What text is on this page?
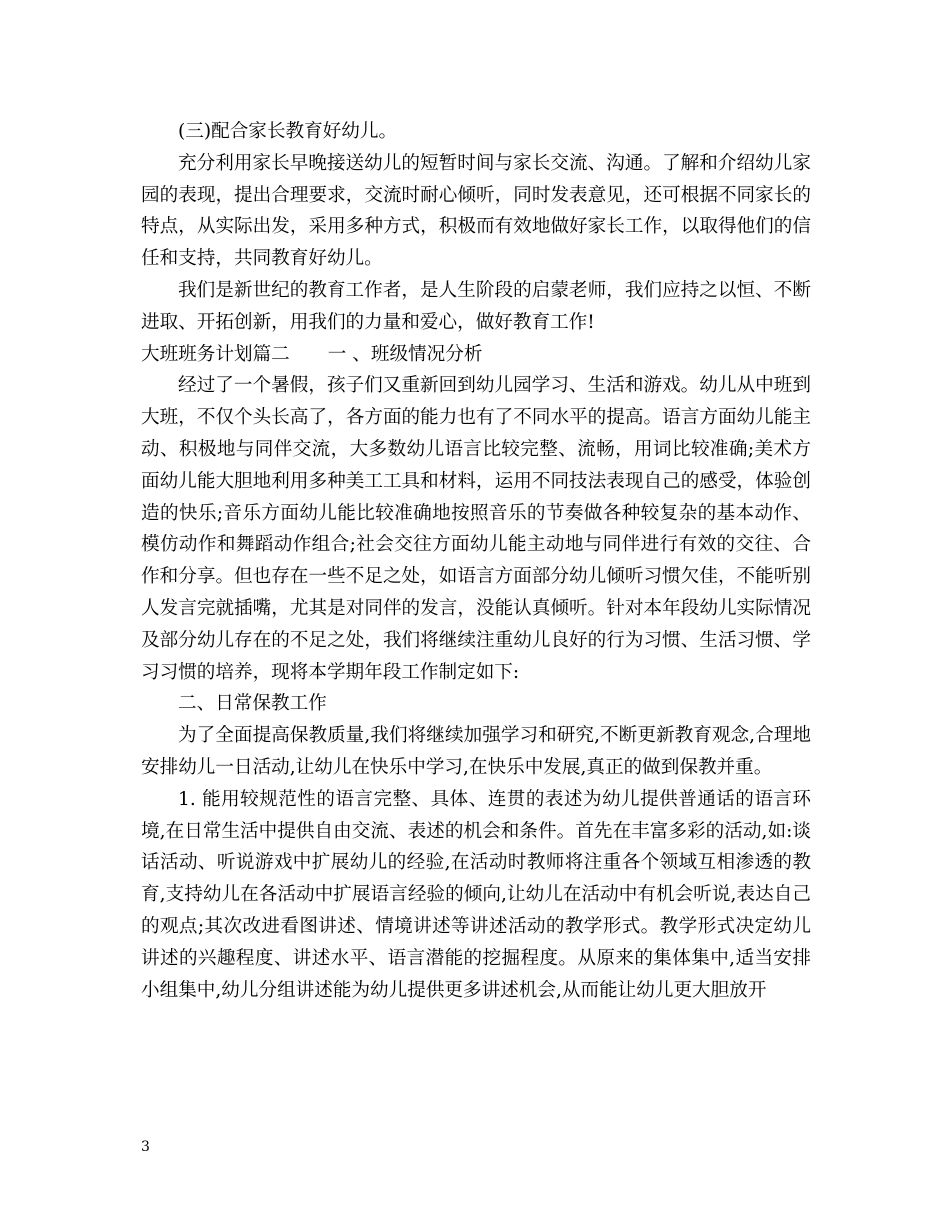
(三)配合家长教育好幼儿。

充分利用家长早晚接送幼儿的短暂时间与家长交流、沟通。了解和介绍幼儿家园的表现，提出合理要求，交流时耐心倾听，同时发表意见，还可根据不同家长的特点，从实际出发，采用多种方式，积极而有效地做好家长工作，以取得他们的信任和支持，共同教育好幼儿。

我们是新世纪的教育工作者，是人生阶段的启蒙老师，我们应持之以恒、不断进取、开拓创新，用我们的力量和爱心，做好教育工作!

大班班务计划篇二 一 、班级情况分析

经过了一个暑假，孩子们又重新回到幼儿园学习、生活和游戏。幼儿从中班到大班，不仅个头长高了，各方面的能力也有了不同水平的提高。语言方面幼儿能主动、积极地与同伴交流，大多数幼儿语言比较完整、流畅，用词比较准确;美术方面幼儿能大胆地利用多种美工工具和材料，运用不同技法表现自己的感受，体验创造的快乐;音乐方面幼儿能比较准确地按照音乐的节奏做各种较复杂的基本动作、模仿动作和舞蹈动作组合;社会交往方面幼儿能主动地与同伴进行有效的交往、合作和分享。但也存在一些不足之处，如语言方面部分幼儿倾听习惯欠佳，不能听别人发言完就插嘴，尤其是对同伴的发言，没能认真倾听。针对本年段幼儿实际情况及部分幼儿存在的不足之处，我们将继续注重幼儿良好的行为习惯、生活习惯、学习习惯的培养，现将本学期年段工作制定如下:

二、日常保教工作

为了全面提高保教质量,我们将继续加强学习和研究,不断更新教育观念,合理地安排幼儿一日活动,让幼儿在快乐中学习,在快乐中发展,真正的做到保教并重。

1. 能用较规范性的语言完整、具体、连贯的表述为幼儿提供普通话的语言环境,在日常生活中提供自由交流、表述的机会和条件。首先在丰富多彩的活动,如:谈话活动、听说游戏中扩展幼儿的经验,在活动时教师将注重各个领域互相渗透的教育,支持幼儿在各活动中扩展语言经验的倾向,让幼儿在活动中有机会听说,表达自己的观点;其次改进看图讲述、情境讲述等讲述活动的教学形式。教学形式决定幼儿讲述的兴趣程度、讲述水平、语言潜能的挖掘程度。从原来的集体集中,适当安排小组集中,幼儿分组讲述能为幼儿提供更多讲述机会,从而能让幼儿更大胆放开

3
